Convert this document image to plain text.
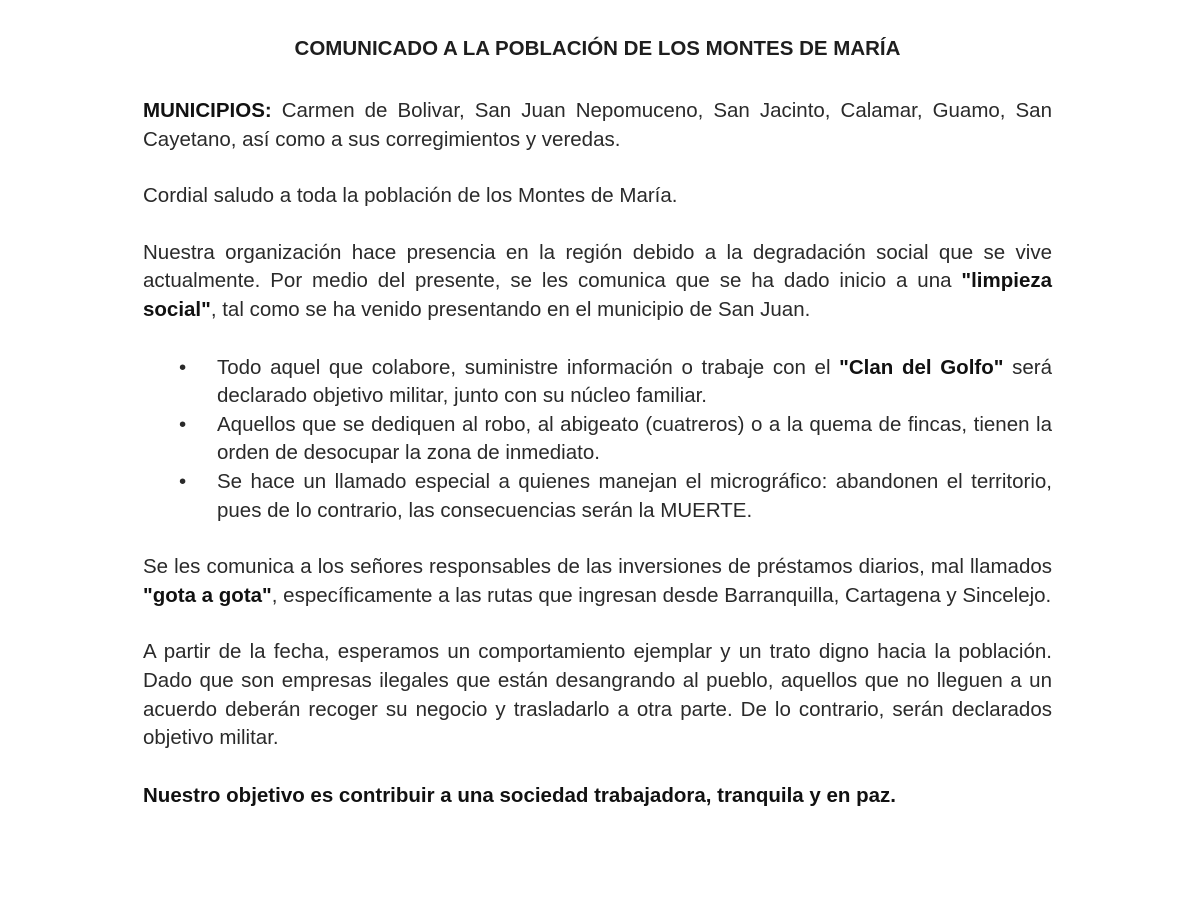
COMUNICADO A LA POBLACIÓN DE LOS MONTES DE MARÍA

MUNICIPIOS: Carmen de Bolivar, San Juan Nepomuceno, San Jacinto, Calamar, Guamo, San Cayetano, así como a sus corregimientos y veredas.

Cordial saludo a toda la población de los Montes de María.

Nuestra organización hace presencia en la región debido a la degradación social que se vive actualmente. Por medio del presente, se les comunica que se ha dado inicio a una "limpieza social", tal como se ha venido presentando en el municipio de San Juan.

• Todo aquel que colabore, suministre información o trabaje con el "Clan del Golfo" será declarado objetivo militar, junto con su núcleo familiar.
• Aquellos que se dediquen al robo, al abigeato (cuatreros) o a la quema de fincas, tienen la orden de desocupar la zona de inmediato.
• Se hace un llamado especial a quienes manejan el micrográfico: abandonen el territorio, pues de lo contrario, las consecuencias serán la MUERTE.

Se les comunica a los señores responsables de las inversiones de préstamos diarios, mal llamados "gota a gota", específicamente a las rutas que ingresan desde Barranquilla, Cartagena y Sincelejo.

A partir de la fecha, esperamos un comportamiento ejemplar y un trato digno hacia la población. Dado que son empresas ilegales que están desangrando al pueblo, aquellos que no lleguen a un acuerdo deberán recoger su negocio y trasladarlo a otra parte. De lo contrario, serán declarados objetivo militar.

Nuestro objetivo es contribuir a una sociedad trabajadora, tranquila y en paz.
